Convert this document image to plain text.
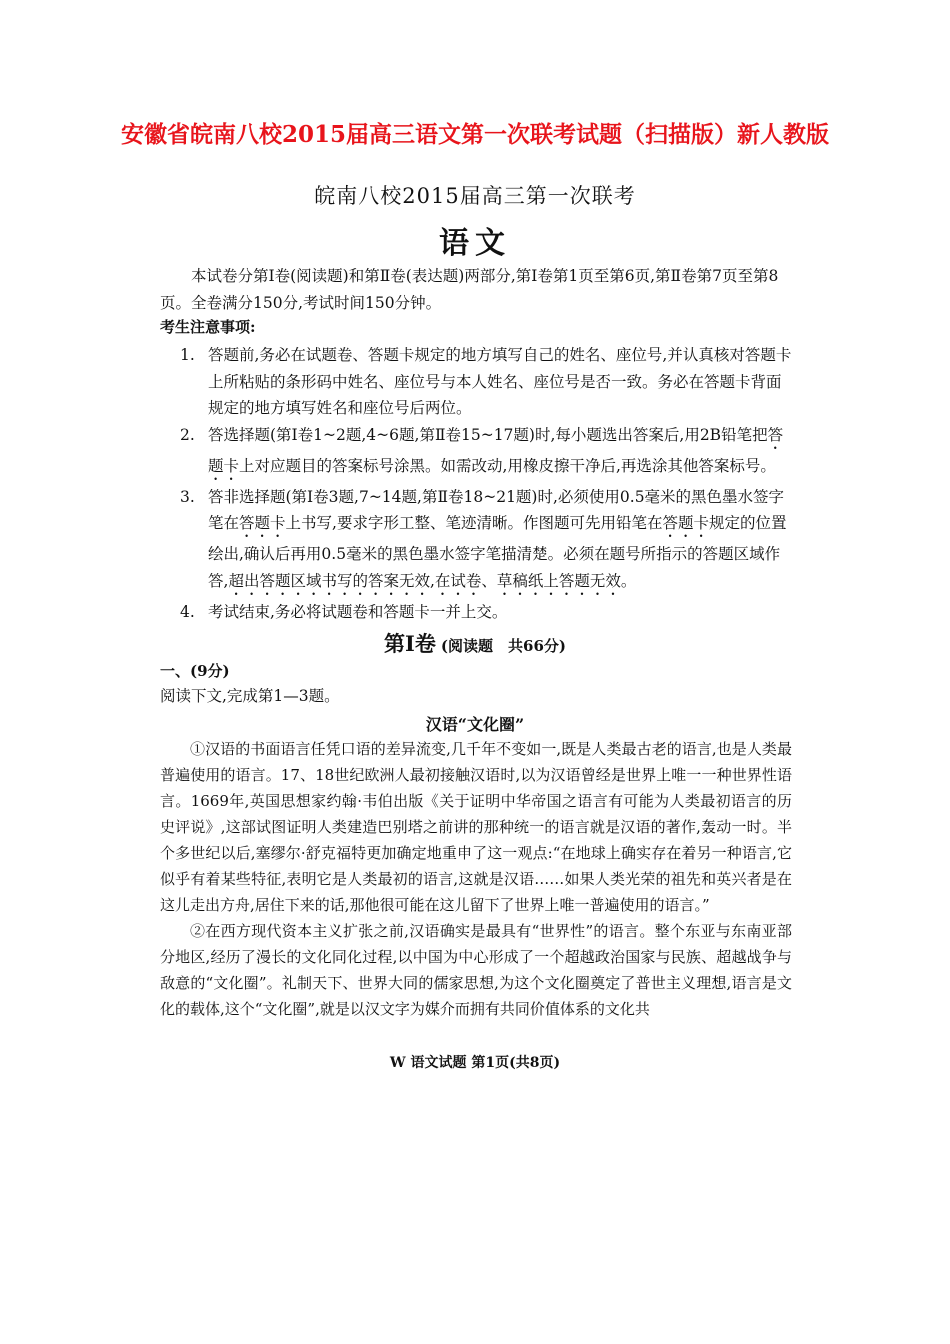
安徽省皖南八校2015届高三语文第一次联考试题（扫描版）新人教版
皖南八校2015届高三第一次联考
语文
本试卷分第Ⅰ卷(阅读题)和第Ⅱ卷(表达题)两部分,第Ⅰ卷第1页至第6页,第Ⅱ卷第7页至第8页。全卷满分150分,考试时间150分钟。
考生注意事项:
1. 答题前,务必在试题卷、答题卡规定的地方填写自己的姓名、座位号,并认真核对答题卡上所粘贴的条形码中姓名、座位号与本人姓名、座位号是否一致。务必在答题卡背面规定的地方填写姓名和座位号后两位。
2. 答选择题(第Ⅰ卷1~2题,4~6题,第Ⅱ卷15~17题)时,每小题选出答案后,用2B铅笔把答题卡上对应题目的答案标号涂黑。如需改动,用橡皮擦干净后,再选涂其他答案标号。
3. 答非选择题(第Ⅰ卷3题,7~14题,第Ⅱ卷18~21题)时,必须使用0.5毫米的黑色墨水签字笔在答题卡上书写,要求字形工整、笔迹清晰。作图题可先用铅笔在答题卡规定的位置绘出,确认后再用0.5毫米的黑色墨水签字笔描清楚。必须在题号所指示的答题区域作答,超出答题区域书写的答案无效,在试卷、草稿纸上答题无效。
4. 考试结束,务必将试题卷和答题卡一并上交。
第Ⅰ卷 (阅读题　共66分)
一、(9分)
阅读下文,完成第1—3题。
汉语“文化圈”

①汉语的书面语言任凭口语的差异流变,几千年不变如一,既是人类最古老的语言,也是人类最普遍使用的语言。17、18世纪欧洲人最初接触汉语时,以为汉语曾经是世界上唯一一种世界性语言。1669年,英国思想家约翰·韦伯出版《关于证明中华帝国之语言有可能为人类最初语言的历史评说》,这部试图证明人类建造巴别塔之前讲的那种统一的语言就是汉语的著作,轰动一时。半个多世纪以后,塞缪尔·舒克福特更加确定地重申了这一观点:“在地球上确实存在着另一种语言,它似乎有着某些特征,表明它是人类最初的语言,这就是汉语……如果人类光荣的祖先和英兴者是在这儿走出方舟,居住下来的话,那他很可能在这儿留下了世界上唯一普遍使用的语言。”

②在西方现代资本主义扩张之前,汉语确实是最具有“世界性”的语言。整个东亚与东南亚部分地区,经历了漫长的文化同化过程,以中国为中心形成了一个超越政治国家与民族、超越战争与敌意的“文化圈”。礼制天下、世界大同的儒家思想,为这个文化圈奠定了普世主义理想,语言是文化的载体,这个“文化圈”,就是以汉文字为媒介而拥有共同价值体系的文化共

W 语文试题 第1页(共8页)
